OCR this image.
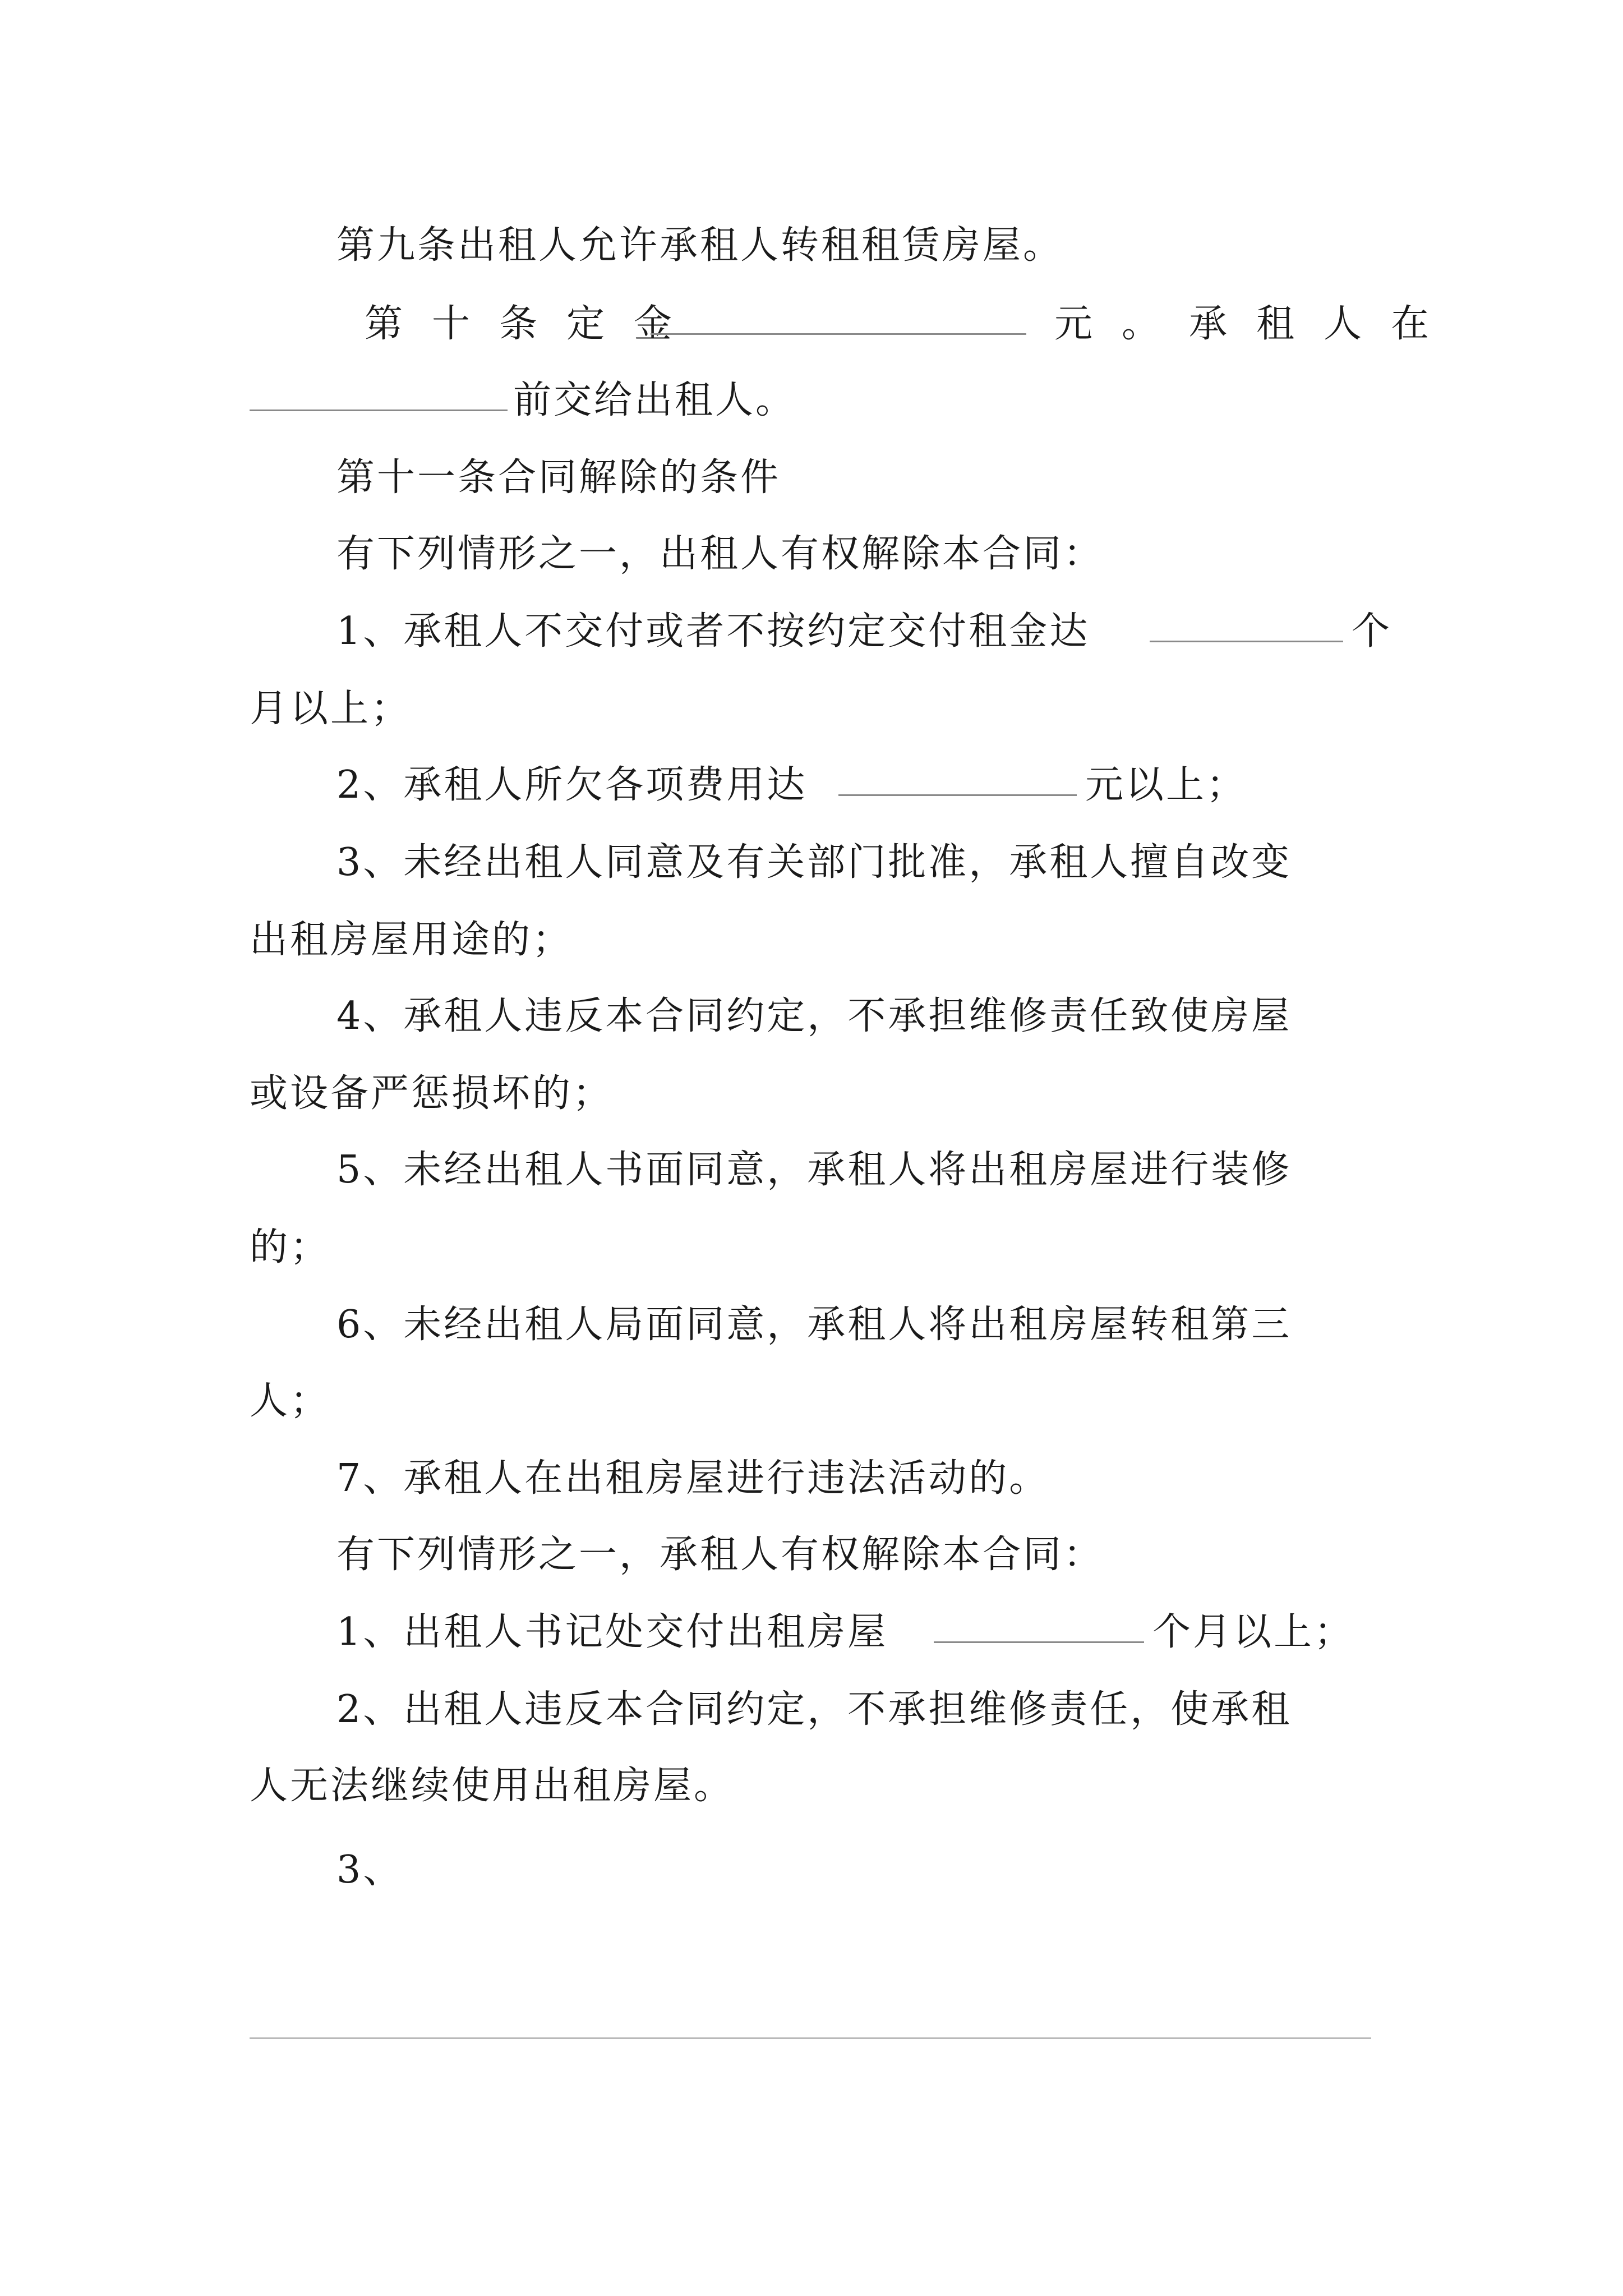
第九条出租人允许承租人转租租赁房屋。
第十条定金	元。承租人在
前交给出租人。
第十一条合同解除的条件
有下列情形之一，出租人有权解除本合同：
1、承租人不交付或者不按约定交付租金达	个
月以上；
2、承租人所欠各项费用达	元以上；
3、未经出租人同意及有关部门批准，承租人擅自改变
出租房屋用途的；
4、承租人违反本合同约定，不承担维修责任致使房屋
或设备严惩损坏的；
5、未经出租人书面同意，承租人将出租房屋进行装修
的；
6、未经出租人局面同意，承租人将出租房屋转租第三
人；
7、承租人在出租房屋进行违法活动的。
有下列情形之一，承租人有权解除本合同：
1、出租人书记处交付出租房屋	个月以上；
2、出租人违反本合同约定，不承担维修责任，使承租
人无法继续使用出租房屋。
3、
